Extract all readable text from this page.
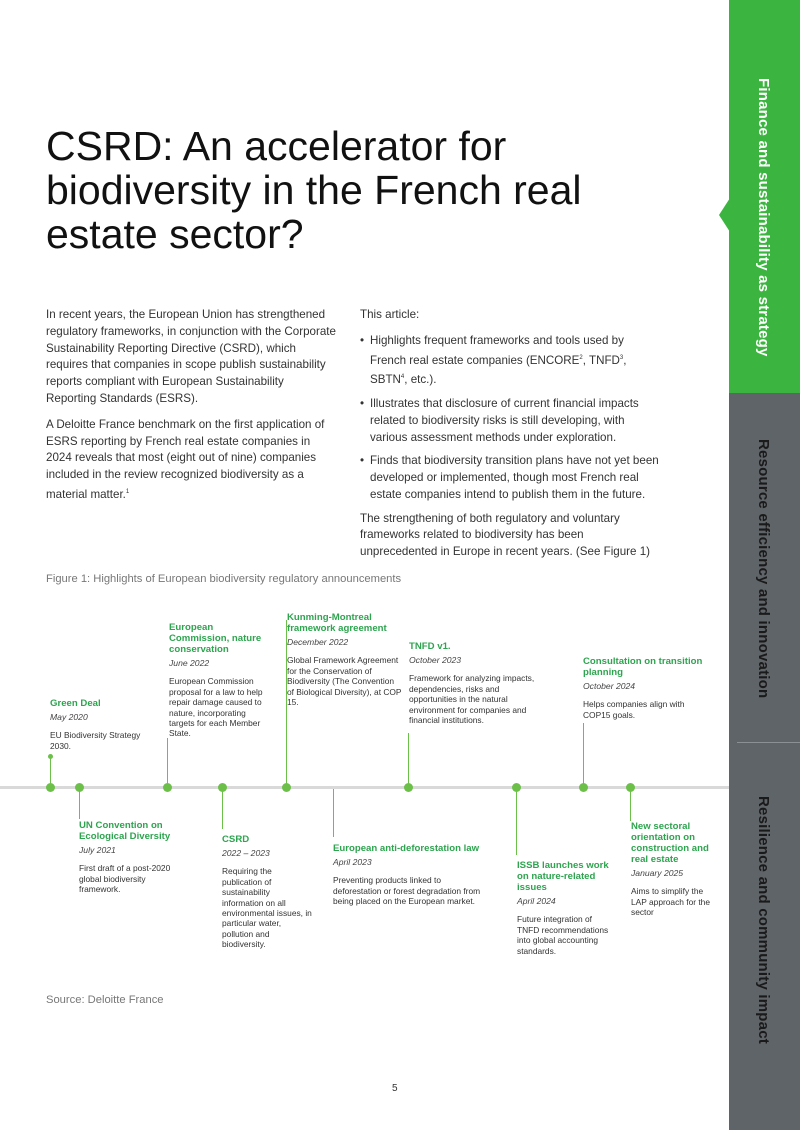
Finance and sustainability as strategy
Resource efficiency and innovation
Resilience and community impact
CSRD: An accelerator for biodiversity in the French real estate sector?

In recent years, the European Union has strengthened regulatory frameworks, in conjunction with the Corporate Sustainability Reporting Directive (CSRD), which requires that companies in scope publish sustainability reports compliant with European Sustainability Reporting Standards (ESRS).

A Deloitte France benchmark on the first application of ESRS reporting by French real estate companies in 2024 reveals that most (eight out of nine) companies included in the review recognized biodiversity as a material matter.$^1$

This article:

• Highlights frequent frameworks and tools used by French real estate companies (ENCORE$^2$, TNFD$^3$, SBTN$^4$, etc.).
• Illustrates that disclosure of current financial impacts related to biodiversity risks is still developing, with various assessment methods under exploration.
• Finds that biodiversity transition plans have not yet been developed or implemented, though most French real estate companies intend to publish them in the future.

The strengthening of both regulatory and voluntary frameworks related to biodiversity has been unprecedented in Europe in recent years. (See Figure 1)

Figure 1: Highlights of European biodiversity regulatory announcements
Green Deal
May 2020
EU Biodiversity Strategy 2030.
European Commission, nature conservation
June 2022
European Commission proposal for a law to help repair damage caused to nature, incorporating targets for each Member State.
Kunming-Montreal framework agreement
December 2022
Global Framework Agreement for the Conservation of Biodiversity (The Convention of Biological Diversity), at COP 15.
TNFD v1.
October 2023
Framework for analyzing impacts, dependencies, risks and opportunities in the natural environment for companies and financial institutions.
Consultation on transition planning
October 2024
Helps companies align with COP15 goals.
UN Convention on Ecological Diversity
July 2021
First draft of a post-2020 global biodiversity framework.
CSRD
2022 – 2023
Requiring the publication of sustainability information on all environmental issues, in particular water, pollution and biodiversity.
European anti-deforestation law
April 2023
Preventing products linked to deforestation or forest degradation from being placed on the European market.
ISSB launches work on nature-related issues
April 2024
Future integration of TNFD recommendations into global accounting standards.
New sectoral orientation on construction and real estate
January 2025
Aims to simplify the LAP approach for the sector
Source: Deloitte France
5
